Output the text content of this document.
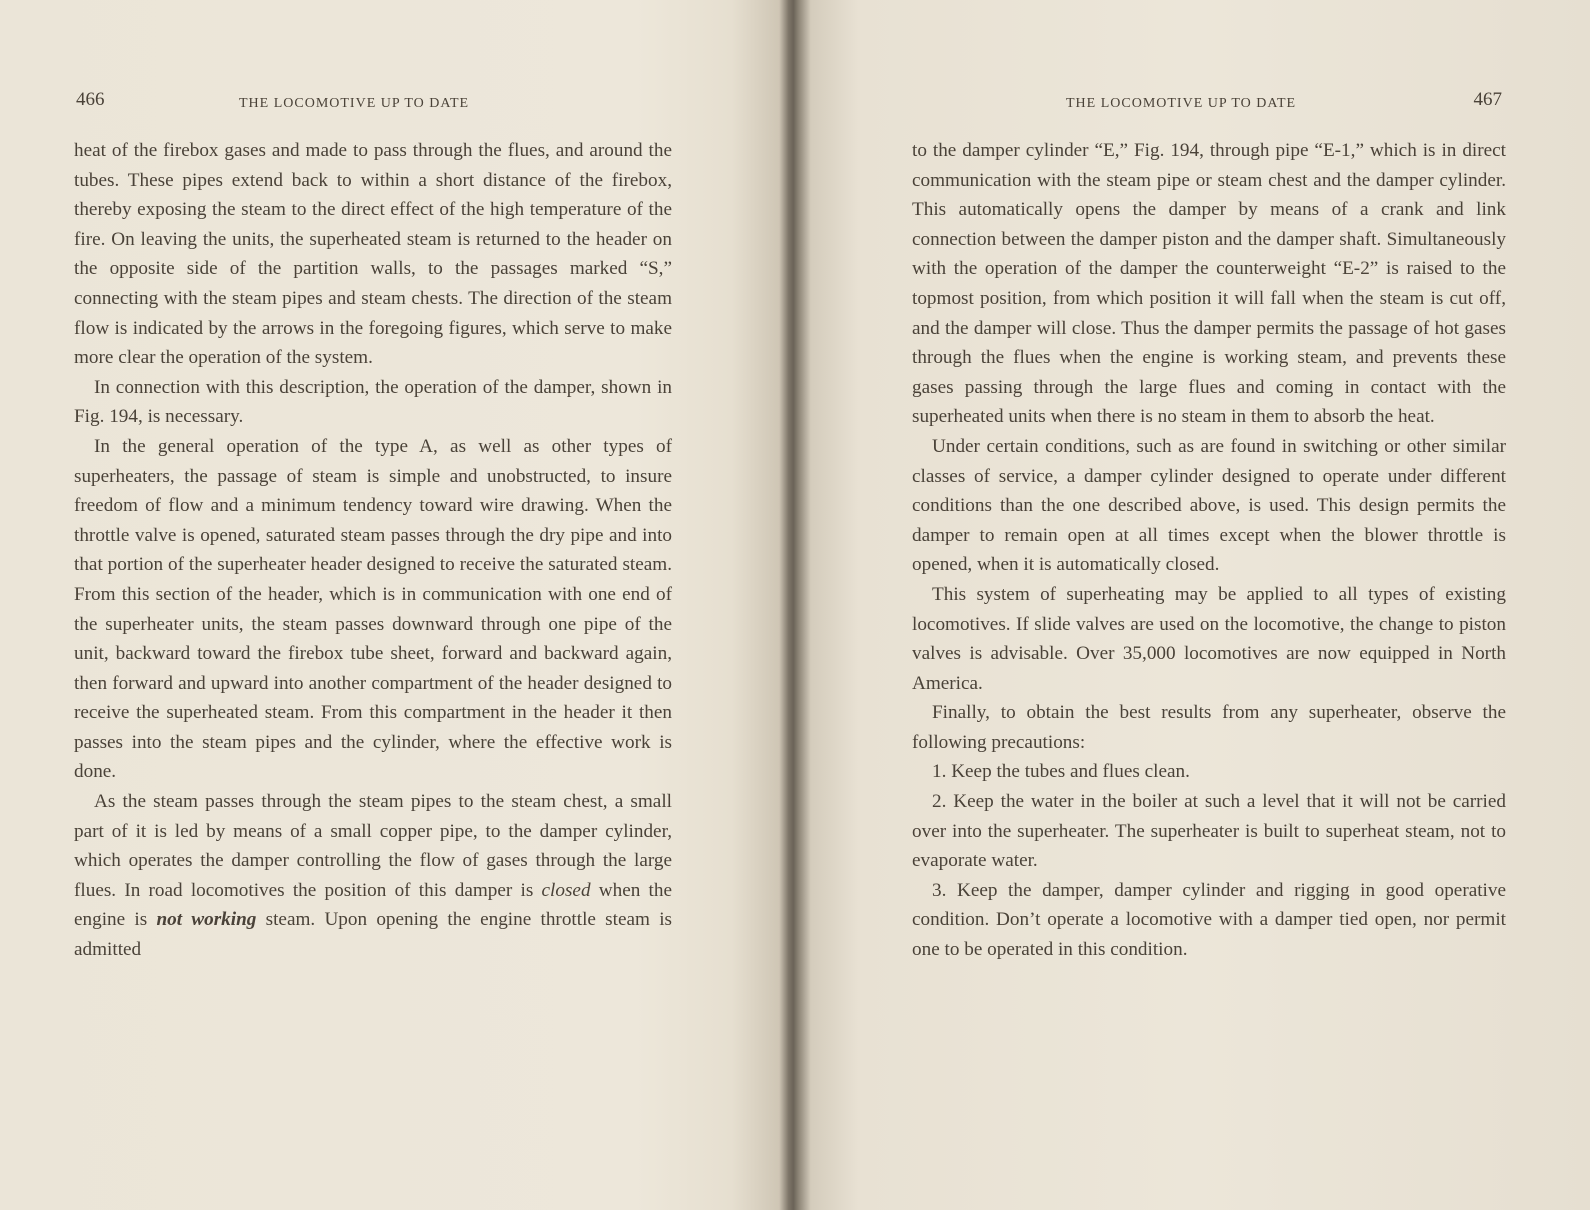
466	THE LOCOMOTIVE UP TO DATE

heat of the firebox gases and made to pass through the flues, and around the tubes. These pipes extend back to within a short distance of the firebox, thereby exposing the steam to the direct effect of the high temperature of the fire. On leaving the units, the superheated steam is returned to the header on the opposite side of the partition walls, to the passages marked “S,” connecting with the steam pipes and steam chests. The direction of the steam flow is indicated by the arrows in the foregoing figures, which serve to make more clear the operation of the system.

In connection with this description, the operation of the damper, shown in Fig. 194, is necessary.

In the general operation of the type A, as well as other types of superheaters, the passage of steam is simple and unobstructed, to insure freedom of flow and a minimum tendency toward wire drawing. When the throttle valve is opened, saturated steam passes through the dry pipe and into that portion of the superheater header designed to receive the saturated steam. From this section of the header, which is in communication with one end of the superheater units, the steam passes downward through one pipe of the unit, backward toward the firebox tube sheet, forward and backward again, then forward and upward into another compartment of the header designed to receive the superheated steam. From this compartment in the header it then passes into the steam pipes and the cylinder, where the effective work is done.

As the steam passes through the steam pipes to the steam chest, a small part of it is led by means of a small copper pipe, to the damper cylinder, which operates the damper controlling the flow of gases through the large flues. In road locomotives the position of this damper is closed when the engine is not working steam. Upon opening the engine throttle steam is admitted

THE LOCOMOTIVE UP TO DATE	467

to the damper cylinder “E,” Fig. 194, through pipe “E-1,” which is in direct communication with the steam pipe or steam chest and the damper cylinder. This automatically opens the damper by means of a crank and link connection between the damper piston and the damper shaft. Simultaneously with the operation of the damper the counterweight “E-2” is raised to the topmost position, from which position it will fall when the steam is cut off, and the damper will close. Thus the damper permits the passage of hot gases through the flues when the engine is working steam, and prevents these gases passing through the large flues and coming in contact with the superheated units when there is no steam in them to absorb the heat.

Under certain conditions, such as are found in switching or other similar classes of service, a damper cylinder designed to operate under different conditions than the one described above, is used. This design permits the damper to remain open at all times except when the blower throttle is opened, when it is automatically closed.

This system of superheating may be applied to all types of existing locomotives. If slide valves are used on the locomotive, the change to piston valves is advisable. Over 35,000 locomotives are now equipped in North America.

Finally, to obtain the best results from any superheater, observe the following precautions:

1. Keep the tubes and flues clean.

2. Keep the water in the boiler at such a level that it will not be carried over into the superheater. The superheater is built to superheat steam, not to evaporate water.

3. Keep the damper, damper cylinder and rigging in good operative condition. Don’t operate a locomotive with a damper tied open, nor permit one to be operated in this condition.
